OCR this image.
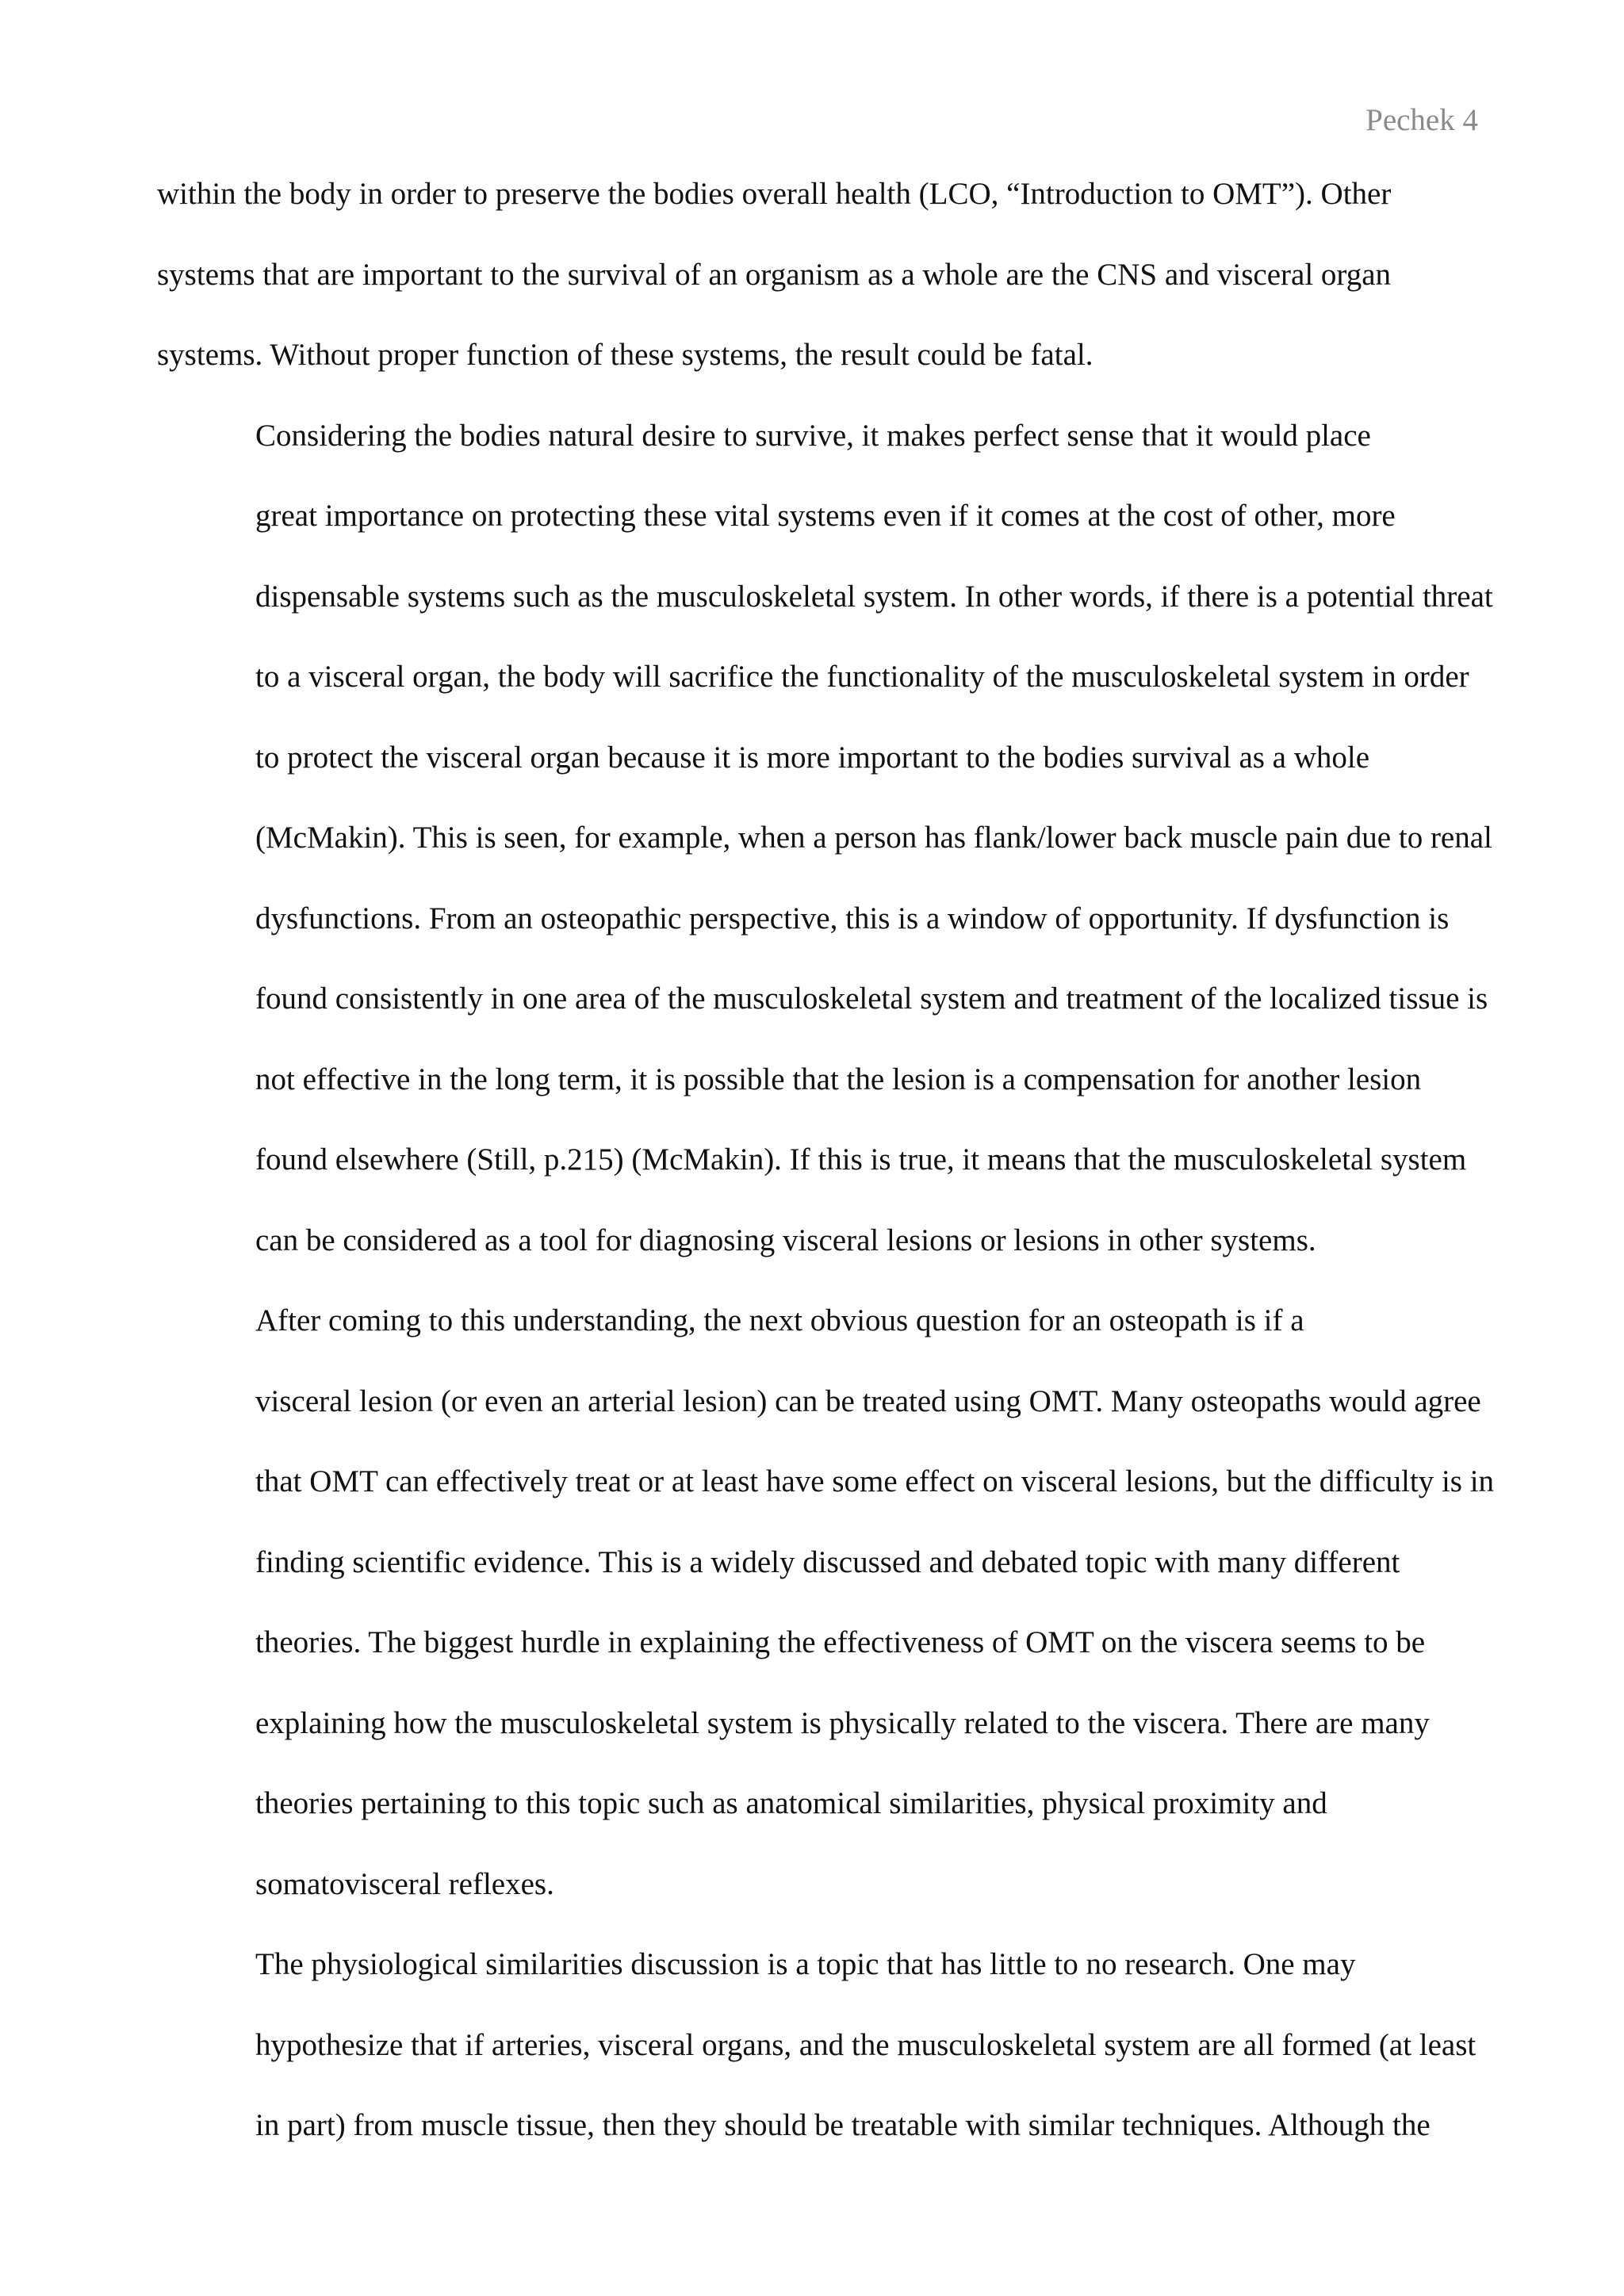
Pechek 4

within the body in order to preserve the bodies overall health (LCO, “Introduction to OMT”). Other
systems that are important to the survival of an organism as a whole are the CNS and visceral organ
systems. Without proper function of these systems, the result could be fatal.

Considering the bodies natural desire to survive, it makes perfect sense that it would place
great importance on protecting these vital systems even if it comes at the cost of other, more
dispensable systems such as the musculoskeletal system. In other words, if there is a potential threat
to a visceral organ, the body will sacrifice the functionality of the musculoskeletal system in order
to protect the visceral organ because it is more important to the bodies survival as a whole
(McMakin). This is seen, for example, when a person has flank/lower back muscle pain due to renal
dysfunctions. From an osteopathic perspective, this is a window of opportunity. If dysfunction is
found consistently in one area of the musculoskeletal system and treatment of the localized tissue is
not effective in the long term, it is possible that the lesion is a compensation for another lesion
found elsewhere (Still, p.215) (McMakin). If this is true, it means that the musculoskeletal system
can be considered as a tool for diagnosing visceral lesions or lesions in other systems.

After coming to this understanding, the next obvious question for an osteopath is if a
visceral lesion (or even an arterial lesion) can be treated using OMT. Many osteopaths would agree
that OMT can effectively treat or at least have some effect on visceral lesions, but the difficulty is in
finding scientific evidence. This is a widely discussed and debated topic with many different
theories. The biggest hurdle in explaining the effectiveness of OMT on the viscera seems to be
explaining how the musculoskeletal system is physically related to the viscera. There are many
theories pertaining to this topic such as anatomical similarities, physical proximity and
somatovisceral reflexes.

The physiological similarities discussion is a topic that has little to no research. One may
hypothesize that if arteries, visceral organs, and the musculoskeletal system are all formed (at least
in part) from muscle tissue, then they should be treatable with similar techniques. Although the
